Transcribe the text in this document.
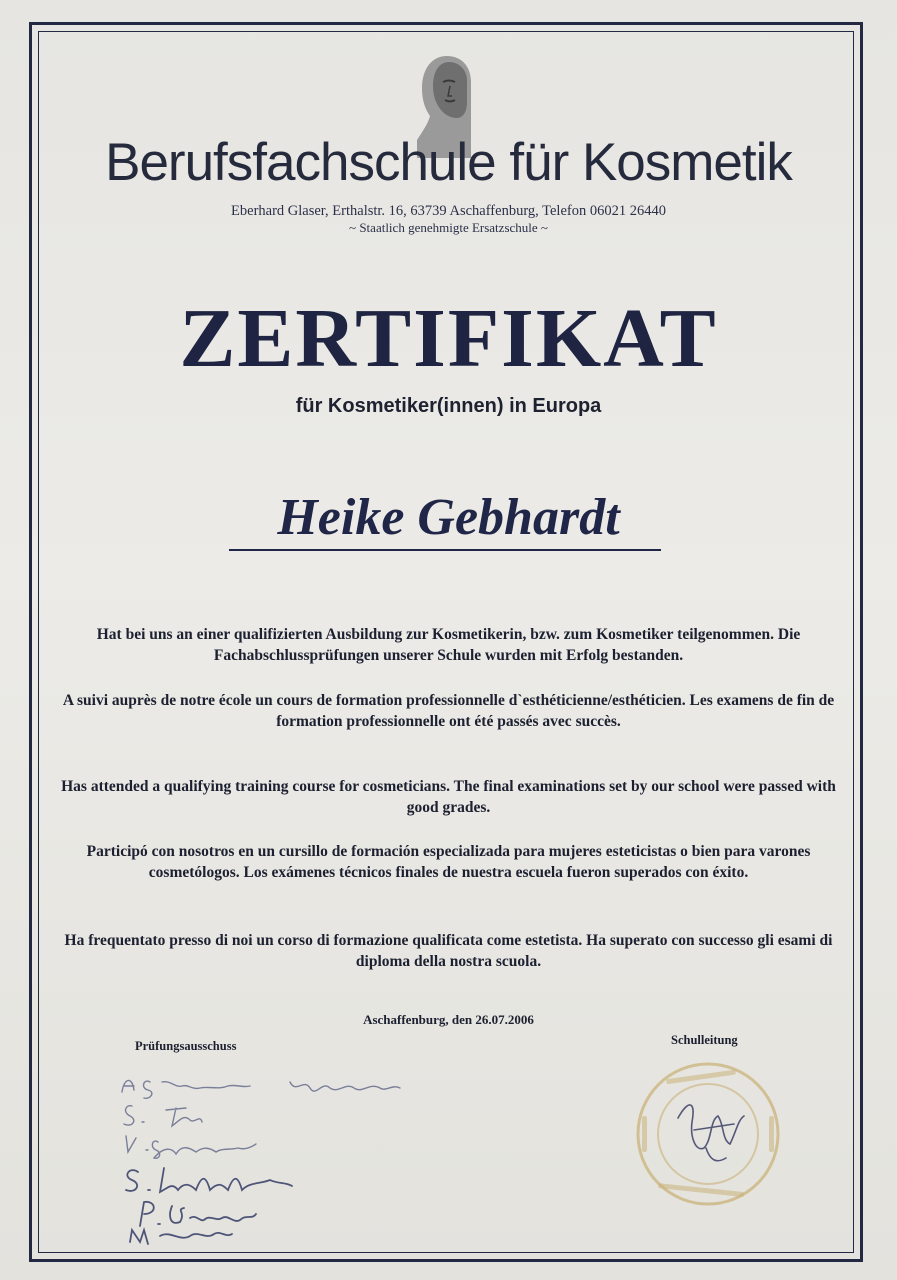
Berufsfachschule für Kosmetik
Eberhard Glaser, Erthalstr. 16, 63739 Aschaffenburg, Telefon 06021 26440
~ Staatlich genehmigte Ersatzschule ~
ZERTIFIKAT
für Kosmetiker(innen) in Europa
Heike Gebhardt
Hat bei uns an einer qualifizierten Ausbildung zur Kosmetikerin, bzw. zum Kosmetiker teilgenommen. Die Fachabschlussprüfungen unserer Schule wurden mit Erfolg bestanden.
A suivi auprès de notre école un cours de formation professionnelle d`esthéticienne/esthéticien. Les examens de fin de formation professionnelle ont été passés avec succès.
Has attended a qualifying training course for cosmeticians. The final examinations set by our school were passed with good grades.
Participó con nosotros en un cursillo de formación especializada para mujeres esteticistas o bien para varones cosmetólogos. Los exámenes técnicos finales de nuestra escuela fueron superados con éxito.
Ha frequentato presso di noi un corso di formazione qualificata come estetista. Ha superato con successo gli esami di diploma della nostra scuola.
Aschaffenburg, den 26.07.2006
Prüfungsausschuss	Schulleitung
